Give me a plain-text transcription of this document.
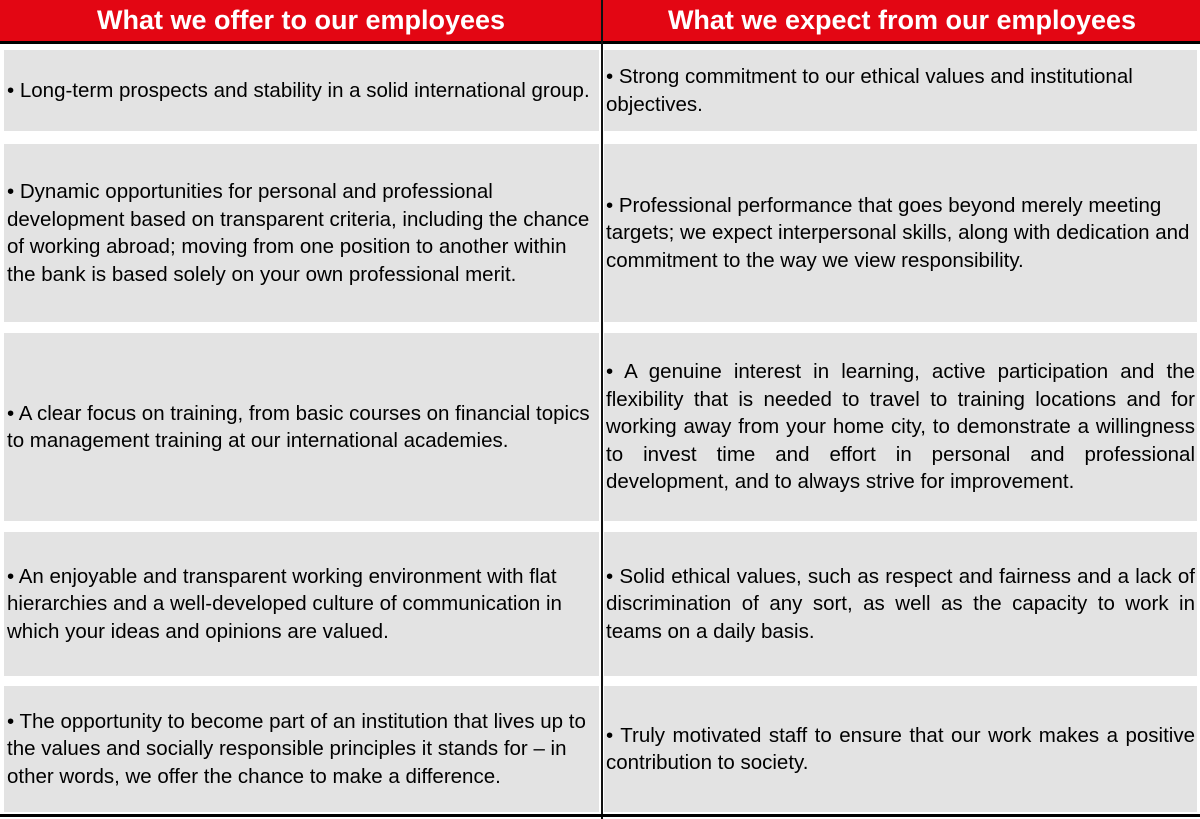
What we offer to our employees	What we expect from our employees

• Long-term prospects and stability in a solid international group.

• Strong commitment to our ethical values and institutional objectives.

• Dynamic opportunities for personal and professional development based on transparent criteria, including the chance of working abroad; moving from one position to another within the bank is based solely on your own professional merit.

• Professional performance that goes beyond merely meeting targets; we expect interpersonal skills, along with dedication and commitment to the way we view responsibility.

• A clear focus on training, from basic courses on financial topics to management training at our international academies.

• A genuine interest in learning, active participation and the flexibility that is needed to travel to training locations and for working away from your home city, to demonstrate a willingness to invest time and effort in personal and professional development, and to always strive for improvement.

• An enjoyable and transparent working environment with flat hierarchies and a well-developed culture of communication in which your ideas and opinions are valued.

• Solid ethical values, such as respect and fairness and a lack of discrimination of any sort, as well as the capacity to work in teams on a daily basis.

• The opportunity to become part of an institution that lives up to the values and socially responsible principles it stands for – in other words, we offer the chance to make a difference.

• Truly motivated staff to ensure that our work makes a positive contribution to society.
